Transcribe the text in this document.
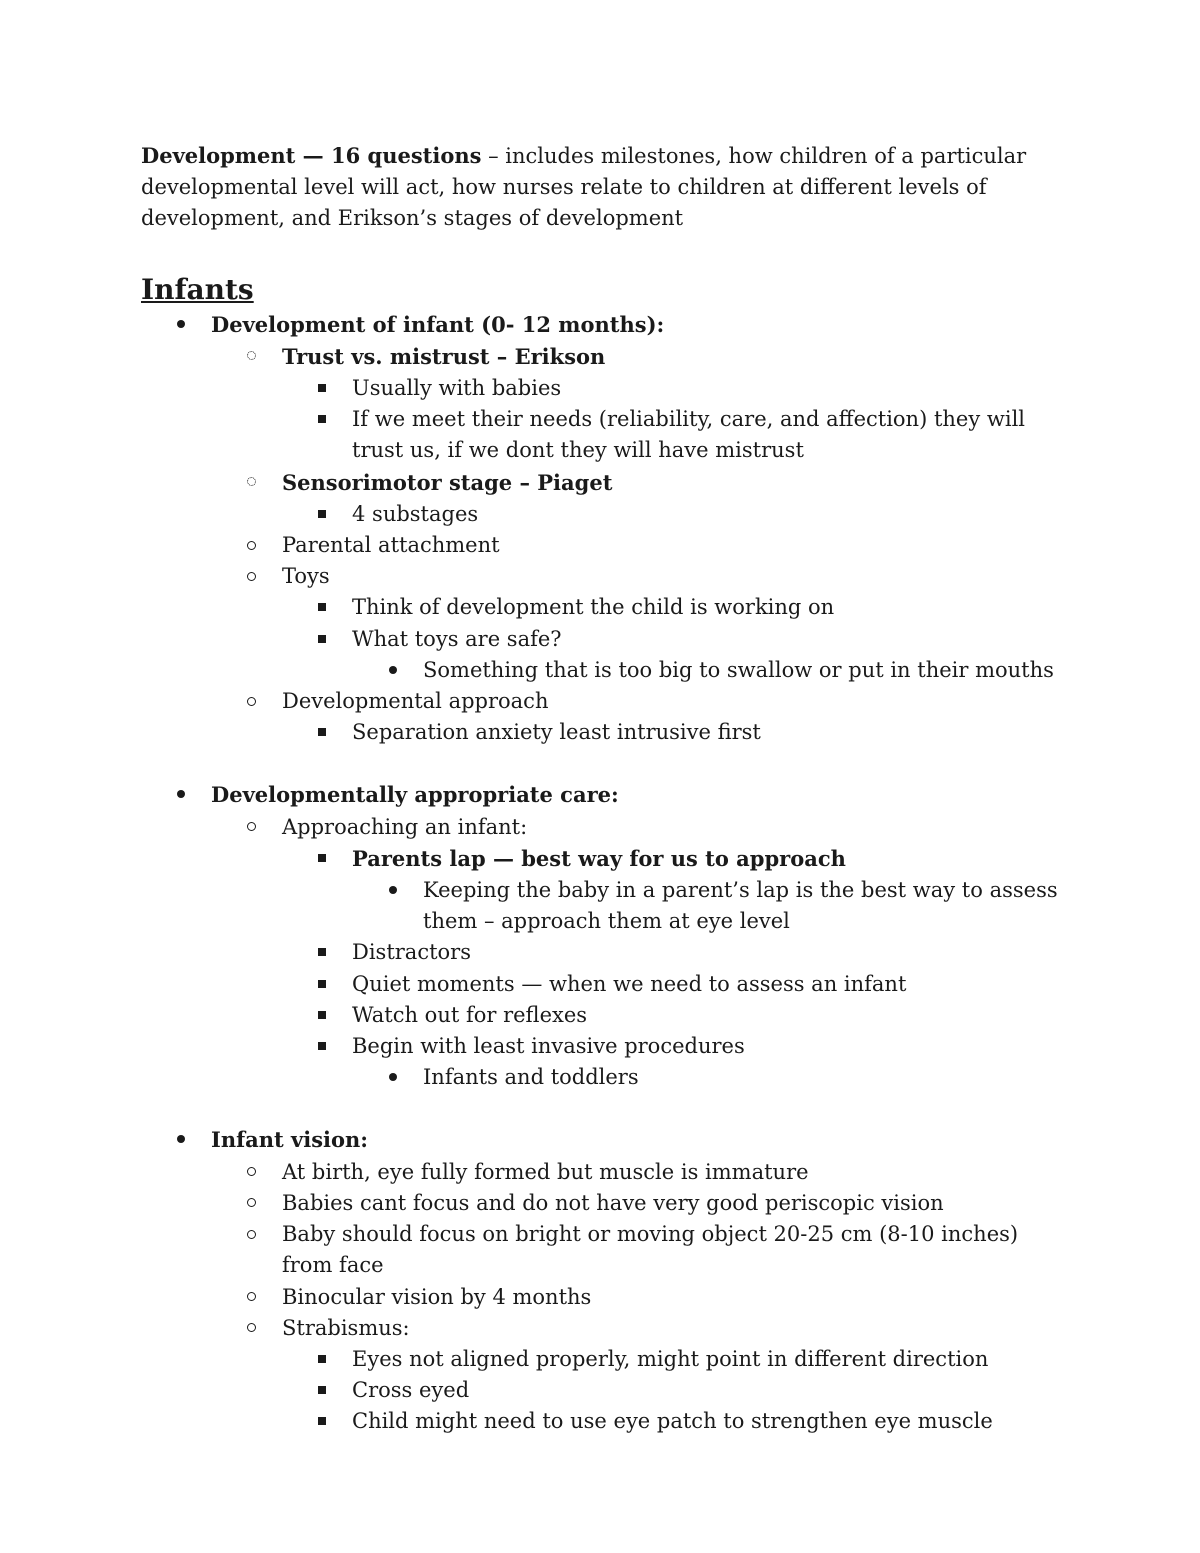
Development — 16 questions – includes milestones, how children of a particular developmental level will act, how nurses relate to children at different levels of development, and Erikson’s stages of development

Infants
Development of infant (0- 12 months):
Trust vs. mistrust – Erikson
Usually with babies
If we meet their needs (reliability, care, and affection) they will trust us, if we dont they will have mistrust
Sensorimotor stage – Piaget
4 substages
Parental attachment
Toys
Think of development the child is working on
What toys are safe?
Something that is too big to swallow or put in their mouths
Developmental approach
Separation anxiety least intrusive first
Developmentally appropriate care:
Approaching an infant:
Parents lap — best way for us to approach
Keeping the baby in a parent’s lap is the best way to assess them – approach them at eye level
Distractors
Quiet moments — when we need to assess an infant
Watch out for reflexes
Begin with least invasive procedures
Infants and toddlers
Infant vision:
At birth, eye fully formed but muscle is immature
Babies cant focus and do not have very good periscopic vision
Baby should focus on bright or moving object 20-25 cm (8-10 inches) from face
Binocular vision by 4 months
Strabismus:
Eyes not aligned properly, might point in different direction
Cross eyed
Child might need to use eye patch to strengthen eye muscle
